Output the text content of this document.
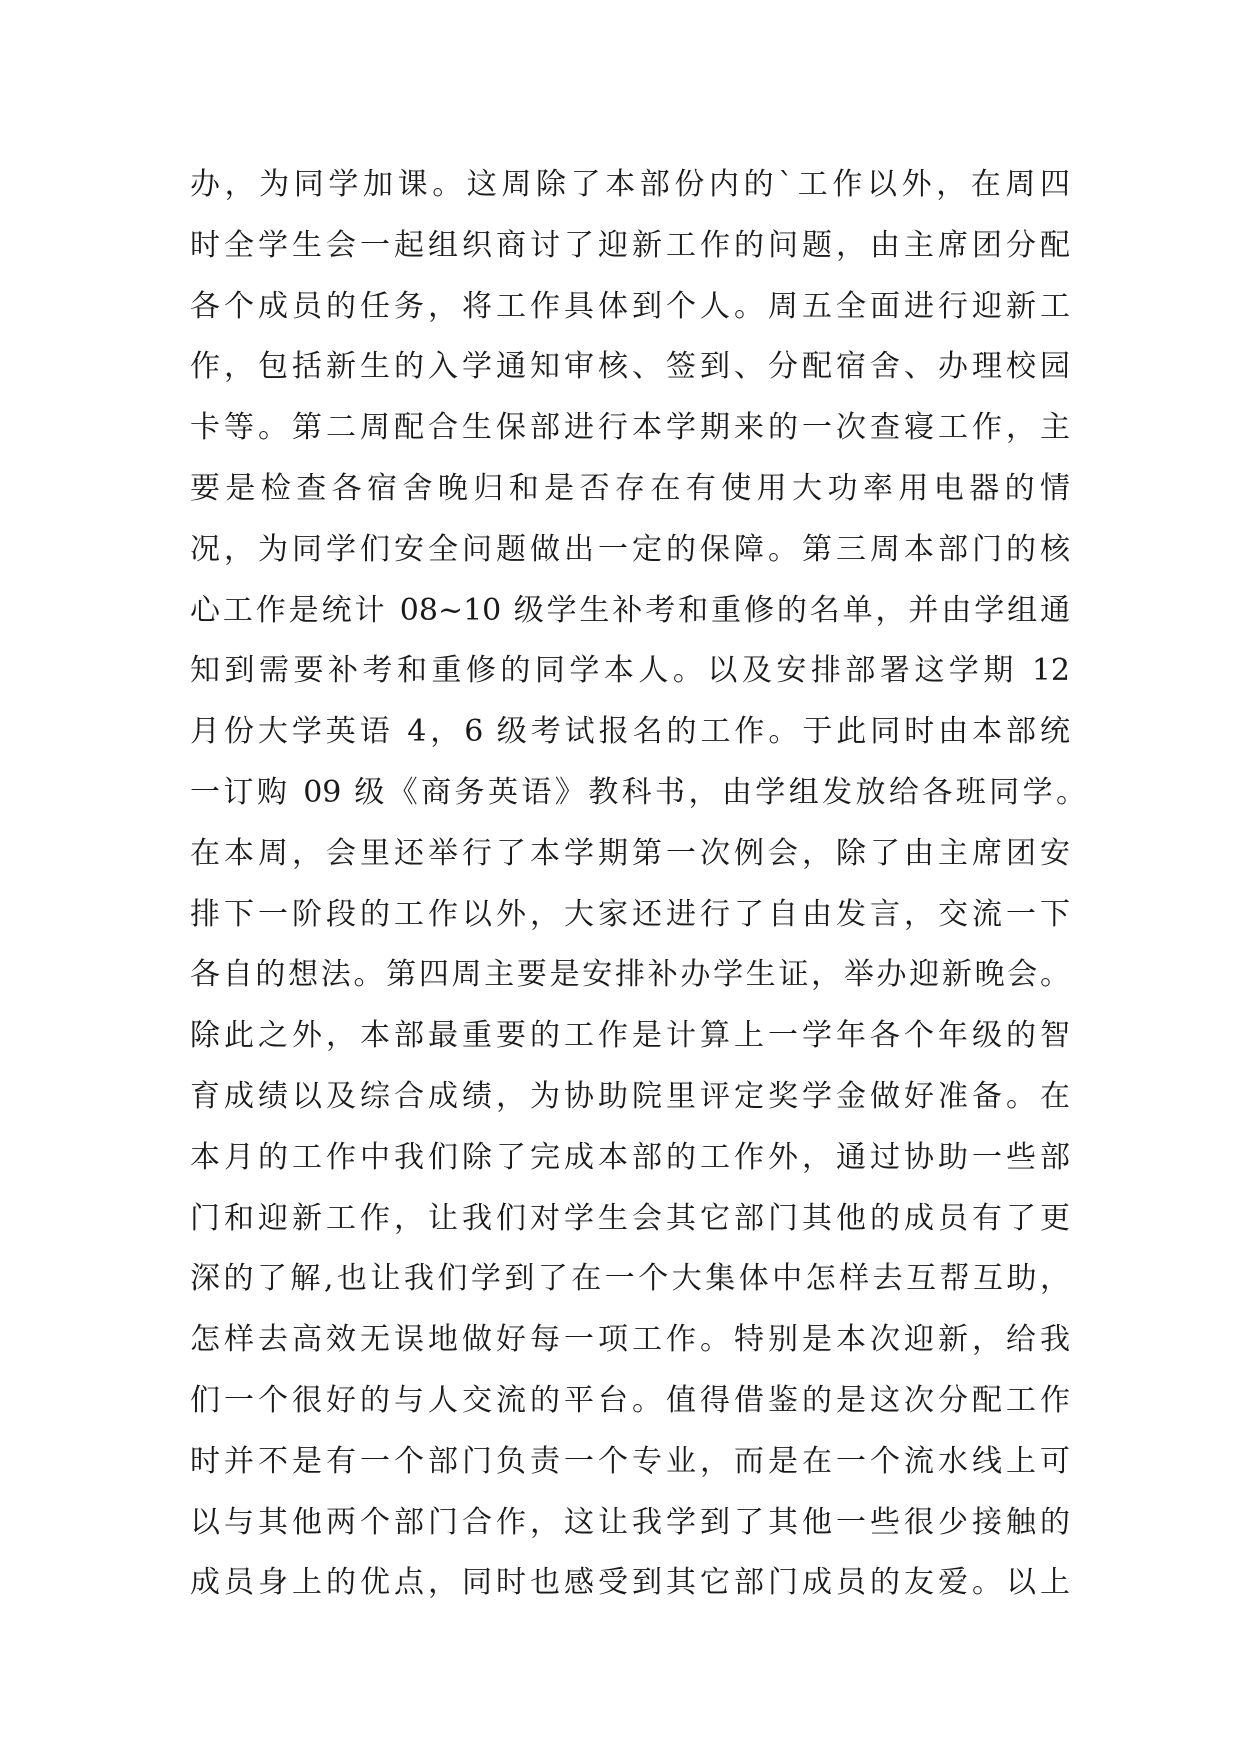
办，为同学加课。这周除了本部份内的`工作以外，在周四
时全学生会一起组织商讨了迎新工作的问题，由主席团分配
各个成员的任务，将工作具体到个人。周五全面进行迎新工
作，包括新生的入学通知审核、签到、分配宿舍、办理校园
卡等。第二周配合生保部进行本学期来的一次查寝工作，主
要是检查各宿舍晚归和是否存在有使用大功率用电器的情
况，为同学们安全问题做出一定的保障。第三周本部门的核
心工作是统计 08~10 级学生补考和重修的名单，并由学组通
知到需要补考和重修的同学本人。以及安排部署这学期 12
月份大学英语 4，6 级考试报名的工作。于此同时由本部统
一订购 09 级《商务英语》教科书，由学组发放给各班同学。
在本周，会里还举行了本学期第一次例会，除了由主席团安
排下一阶段的工作以外，大家还进行了自由发言，交流一下
各自的想法。第四周主要是安排补办学生证，举办迎新晚会。
除此之外，本部最重要的工作是计算上一学年各个年级的智
育成绩以及综合成绩，为协助院里评定奖学金做好准备。在
本月的工作中我们除了完成本部的工作外，通过协助一些部
门和迎新工作，让我们对学生会其它部门其他的成员有了更
深的了解,也让我们学到了在一个大集体中怎样去互帮互助，
怎样去高效无误地做好每一项工作。特别是本次迎新，给我
们一个很好的与人交流的平台。值得借鉴的是这次分配工作
时并不是有一个部门负责一个专业，而是在一个流水线上可
以与其他两个部门合作，这让我学到了其他一些很少接触的
成员身上的优点，同时也感受到其它部门成员的友爱。以上
